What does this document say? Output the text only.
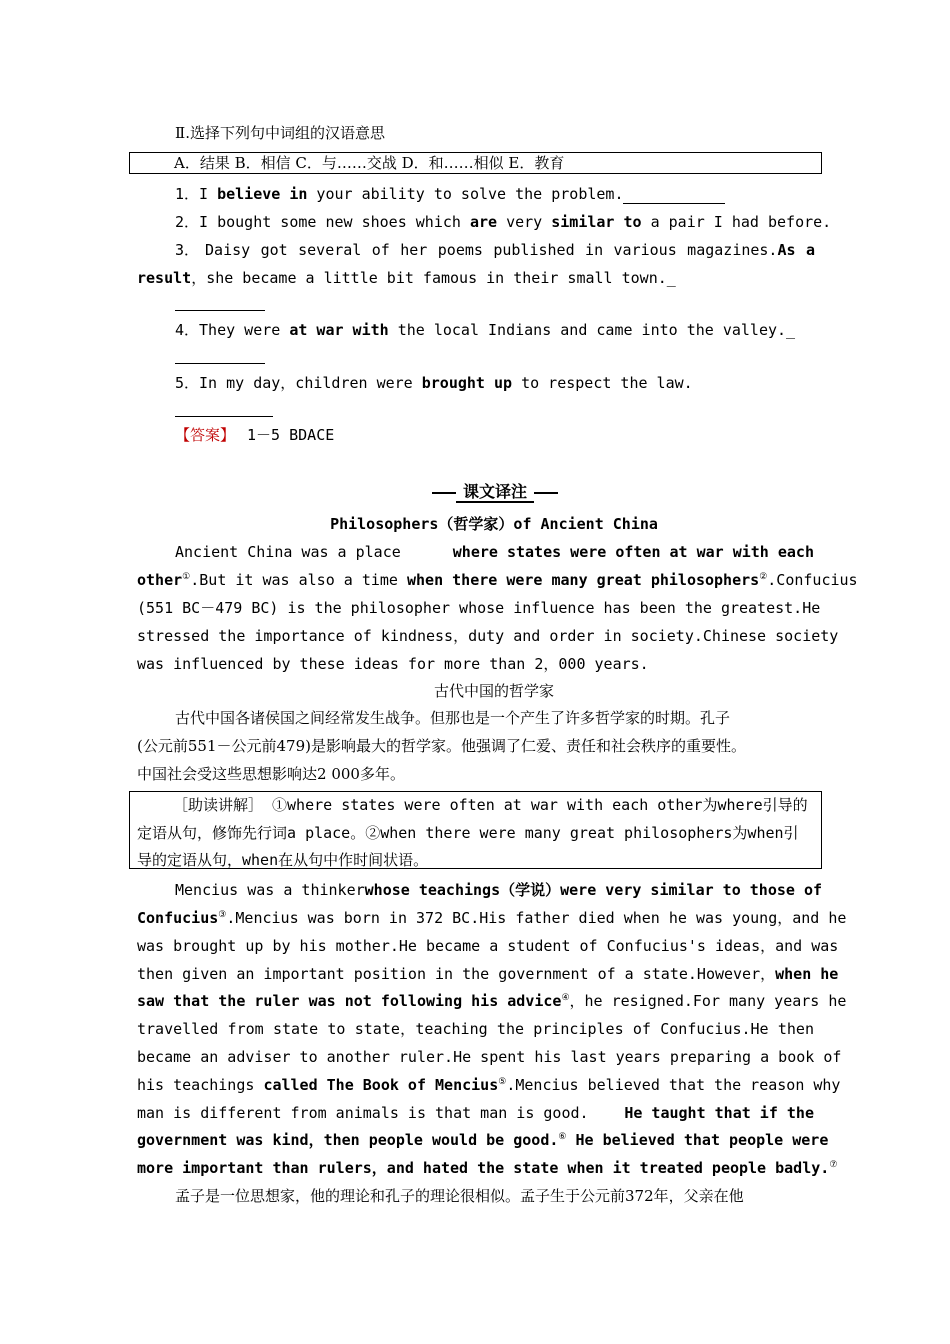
Ⅱ.选择下列句中词组的汉语意思
A．结果 B．相信 C．与……交战 D．和……相似 E．教育
1．I believe in your ability to solve the problem.
2．I bought some new shoes which are very similar to a pair I had before.
3． Daisy got several of her poems published in various magazines.As a
result，she became a little bit famous in their small town._
4．They were at war with the local Indians and came into the valley._
5．In my day，children were brought up to respect the law.
【答案】 1－5 BDACE
课文译注
Philosophers（哲学家）of Ancient China
Ancient China was a place	where states were often at war with each
other①.But it was also a time when there were many great philosophers②.Confucius
(551 BC－479 BC) is the philosopher whose influence has been the greatest.He
stressed the importance of kindness，duty and order in society.Chinese society
was influenced by these ideas for more than 2，000 years.
古代中国的哲学家
古代中国各诸侯国之间经常发生战争。但那也是一个产生了许多哲学家的时期。孔子
(公元前551－公元前479)是影响最大的哲学家。他强调了仁爱、责任和社会秩序的重要性。
中国社会受这些思想影响达2 000多年。
［助读讲解］ ①where states were often at war with each other为where引导的
定语从句，修饰先行词a place。②when there were many great philosophers为when引
导的定语从句，when在从句中作时间状语。
Mencius was a thinker whose teachings（学说）were very similar to those of
Confucius③.Mencius was born in 372 BC.His father died when he was young，and he
was brought up by his mother.He became a student of Confucius's ideas，and was
then given an important position in the government of a state.However， when he
saw that the ruler was not following his advice④，he resigned.For many years he
travelled from state to state，teaching the principles of Confucius.He then
became an adviser to another ruler.He spent his last years preparing a book of
his teachings called The Book of Mencius⑤.Mencius believed that the reason why
man is different from animals is that man is good. He taught that if the
government was kind，then people would be good.⑥ He believed that people were
more important than rulers，and hated the state when it treated people badly.⑦
孟子是一位思想家，他的理论和孔子的理论很相似。孟子生于公元前372年，父亲在他
